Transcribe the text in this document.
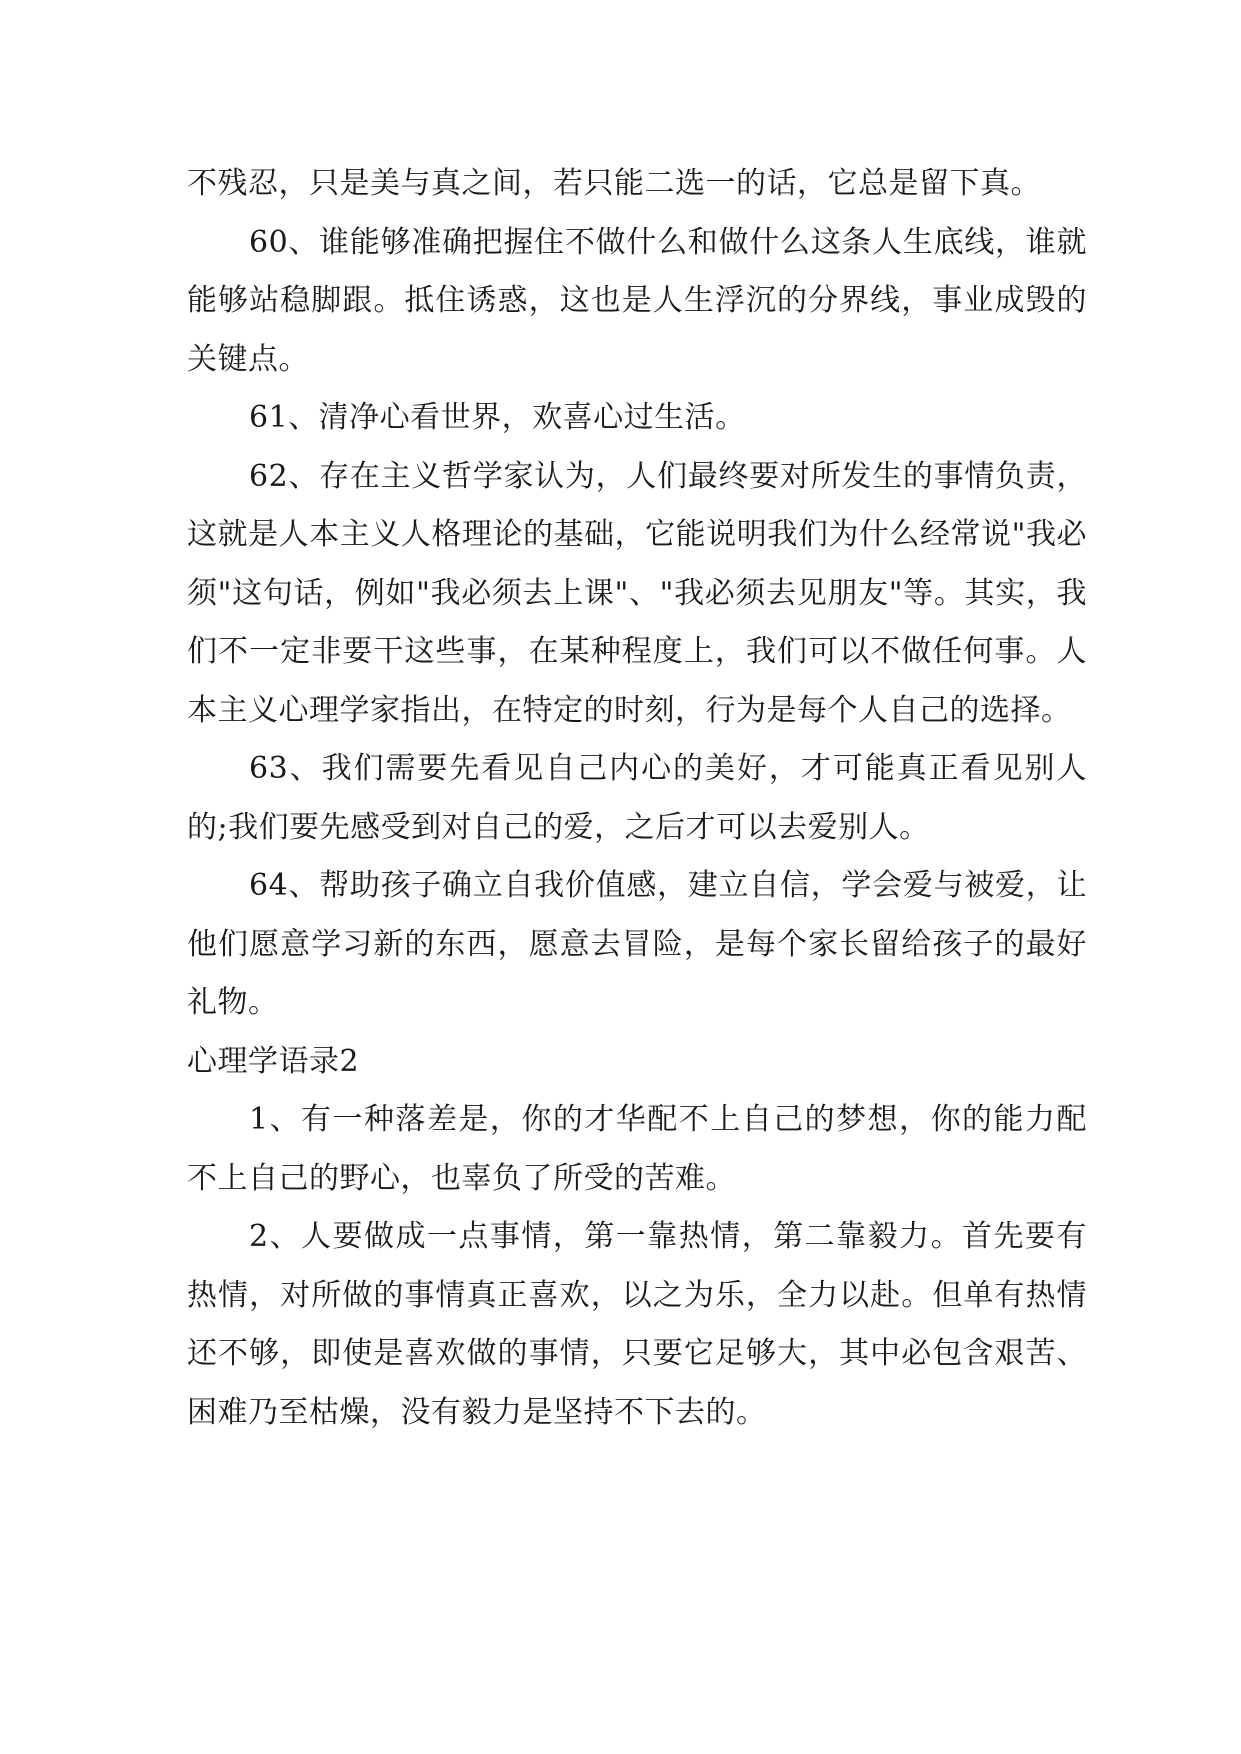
不残忍，只是美与真之间，若只能二选一的话，它总是留下真。

60、谁能够准确把握住不做什么和做什么这条人生底线，谁就能够站稳脚跟。抵住诱惑，这也是人生浮沉的分界线，事业成毁的关键点。

61、清净心看世界，欢喜心过生活。

62、存在主义哲学家认为，人们最终要对所发生的事情负责，这就是人本主义人格理论的基础，它能说明我们为什么经常说"我必须"这句话，例如"我必须去上课"、"我必须去见朋友"等。其实，我们不一定非要干这些事，在某种程度上，我们可以不做任何事。人本主义心理学家指出，在特定的时刻，行为是每个人自己的选择。

63、我们需要先看见自己内心的美好，才可能真正看见别人的;我们要先感受到对自己的爱，之后才可以去爱别人。

64、帮助孩子确立自我价值感，建立自信，学会爱与被爱，让他们愿意学习新的东西，愿意去冒险，是每个家长留给孩子的最好礼物。

心理学语录2

1、有一种落差是，你的才华配不上自己的梦想，你的能力配不上自己的野心，也辜负了所受的苦难。

2、人要做成一点事情，第一靠热情，第二靠毅力。首先要有热情，对所做的事情真正喜欢，以之为乐，全力以赴。但单有热情还不够，即使是喜欢做的事情，只要它足够大，其中必包含艰苦、困难乃至枯燥，没有毅力是坚持不下去的。
